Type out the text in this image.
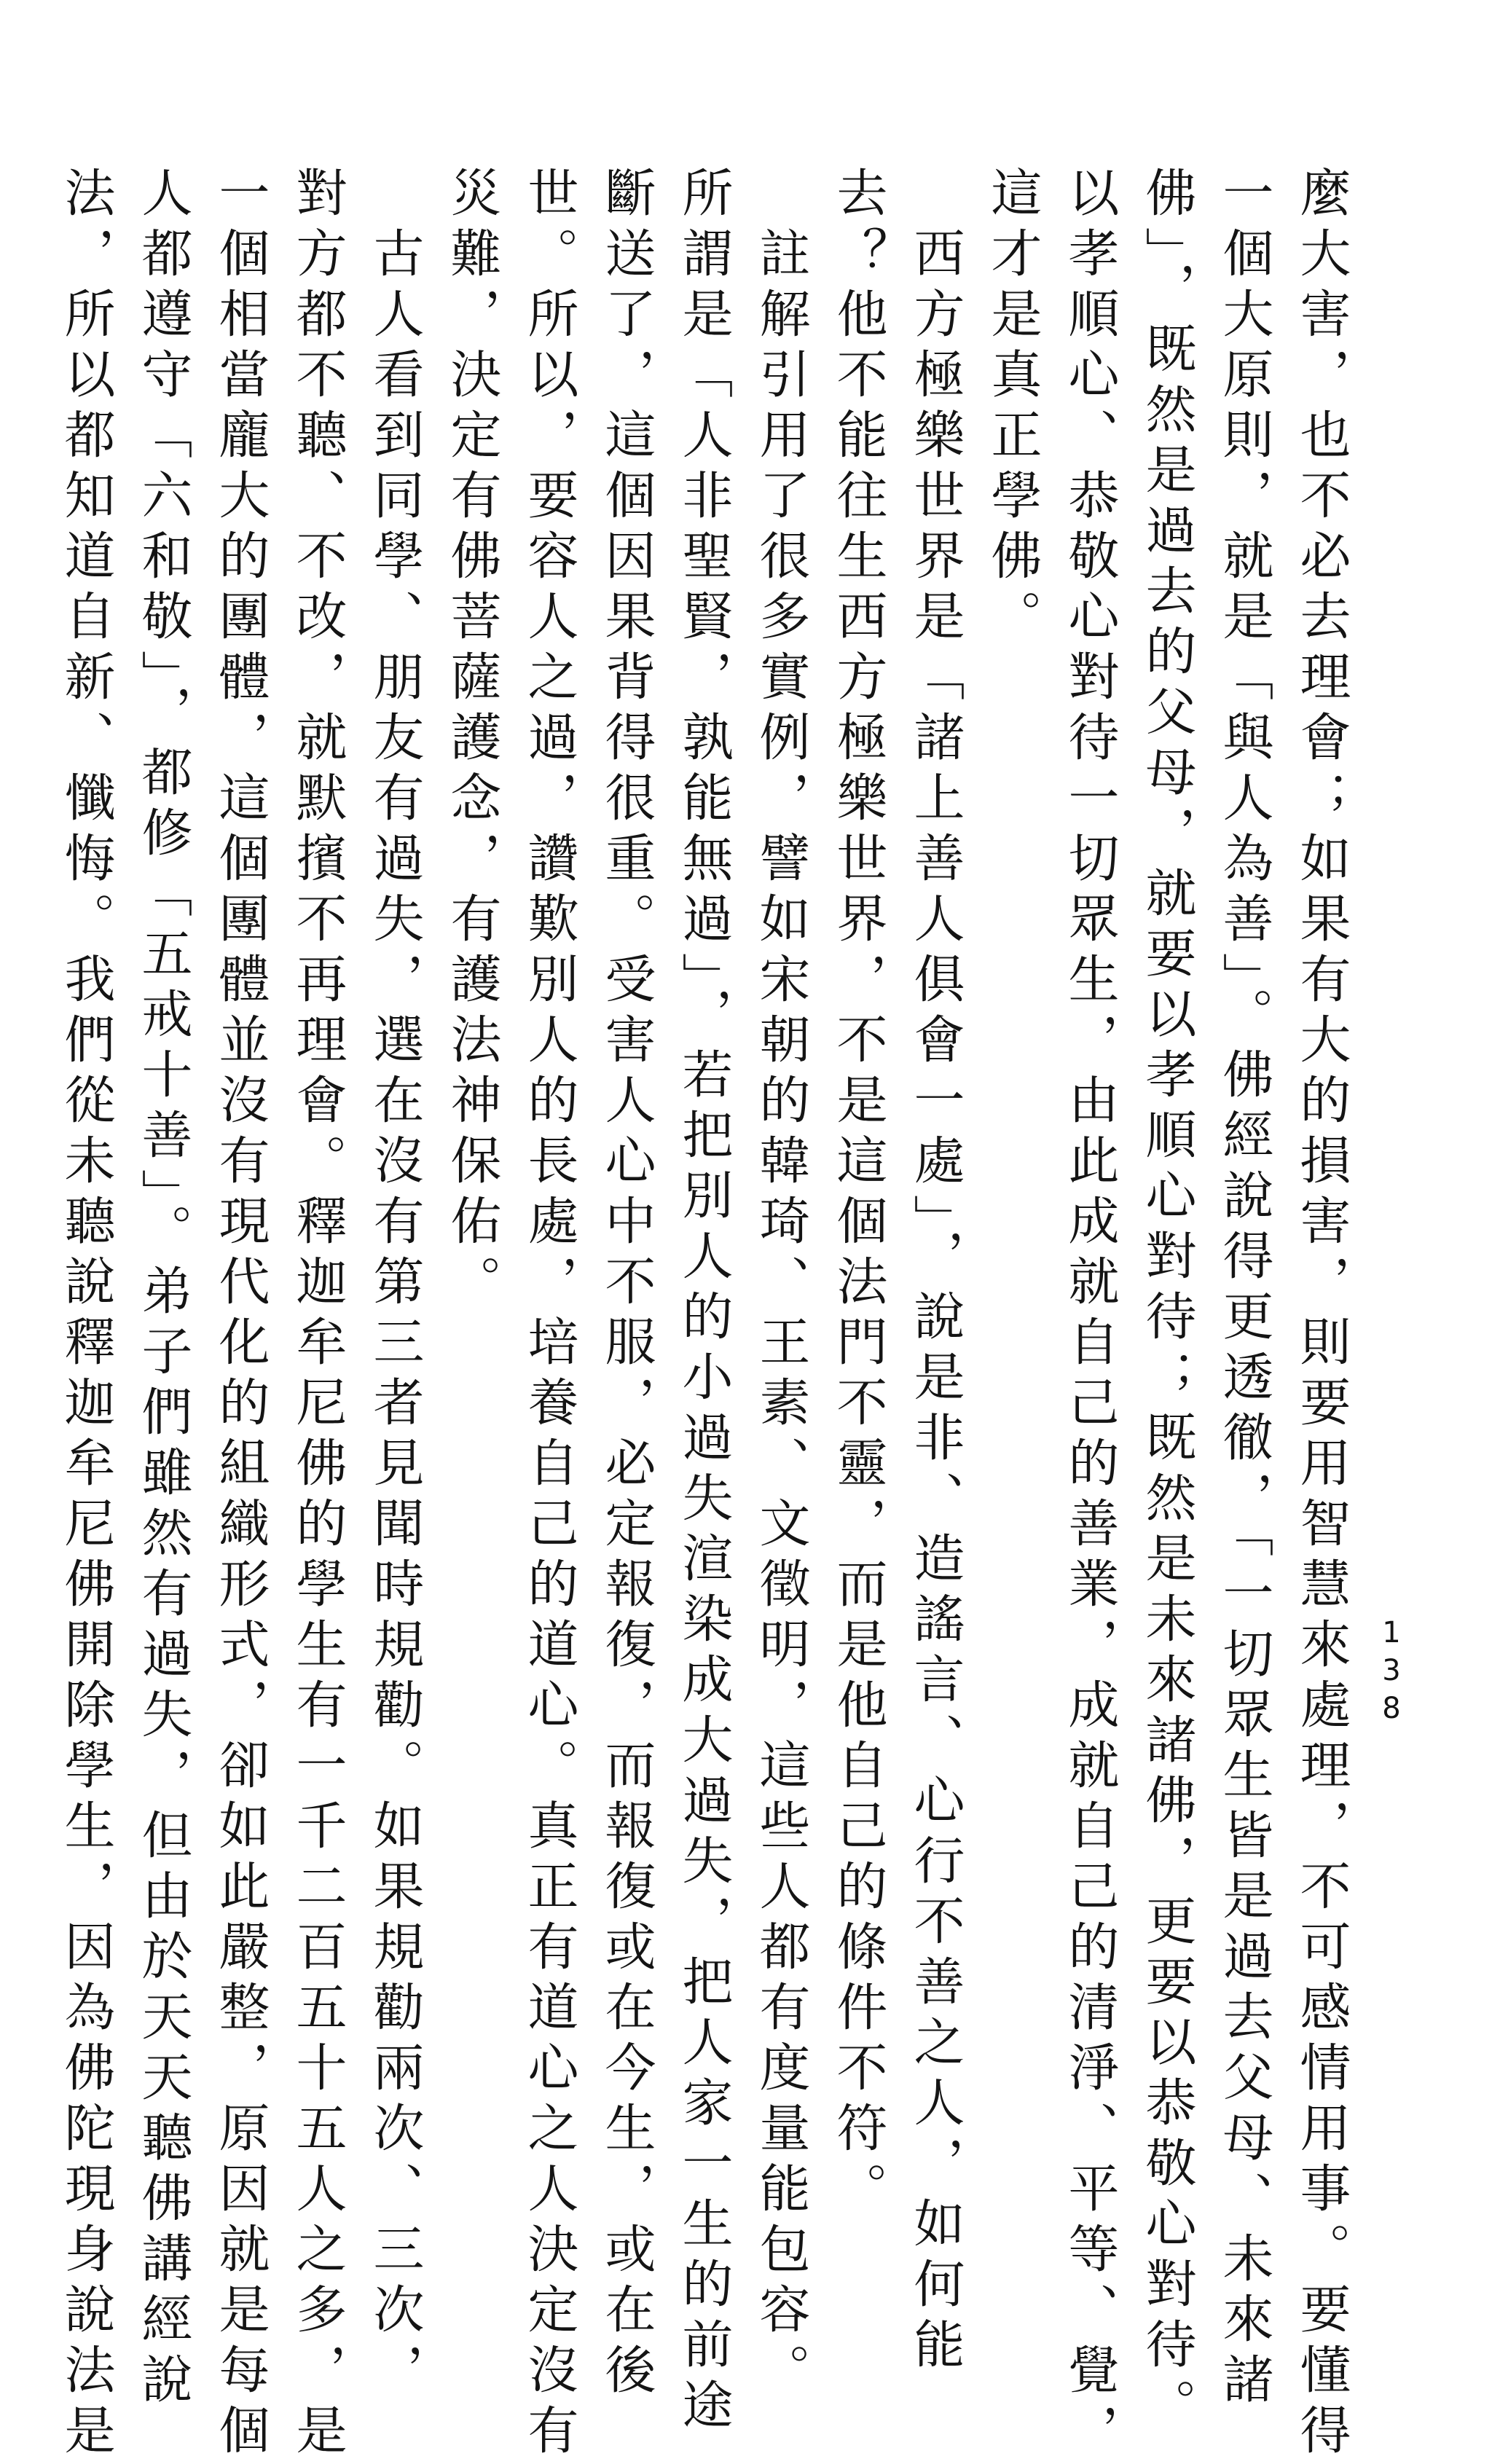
麼大害，也不必去理會；如果有大的損害，則要用智慧來處理，不可感情用事。要懂得
一個大原則，就是「與人為善」。佛經說得更透徹，「一切眾生皆是過去父母、未來諸
佛」，既然是過去的父母，就要以孝順心對待；既然是未來諸佛，更要以恭敬心對待。
以孝順心、恭敬心對待一切眾生，由此成就自己的善業，成就自己的清淨、平等、覺，
這才是真正學佛。
　西方極樂世界是「諸上善人俱會一處」，說是非、造謠言、心行不善之人，如何能
去？他不能往生西方極樂世界，不是這個法門不靈，而是他自己的條件不符。
　註解引用了很多實例，譬如宋朝的韓琦、王素、文徵明，這些人都有度量能包容。
所謂是「人非聖賢，孰能無過」，若把別人的小過失渲染成大過失，把人家一生的前途
斷送了，這個因果背得很重。受害人心中不服，必定報復，而報復或在今生，或在後
世。所以，要容人之過，讚歎別人的長處，培養自己的道心。真正有道心之人決定沒有
災難，決定有佛菩薩護念，有護法神保佑。
　古人看到同學、朋友有過失，選在沒有第三者見聞時規勸。如果規勸兩次、三次，
對方都不聽、不改，就默擯不再理會。釋迦牟尼佛的學生有一千二百五十五人之多，是
一個相當龐大的團體，這個團體並沒有現代化的組織形式，卻如此嚴整，原因就是每個
人都遵守「六和敬」，都修「五戒十善」。弟子們雖然有過失，但由於天天聽佛講經說
法，所以都知道自新、懺悔。我們從未聽說釋迦牟尼佛開除學生，因為佛陀現身說法是	138
